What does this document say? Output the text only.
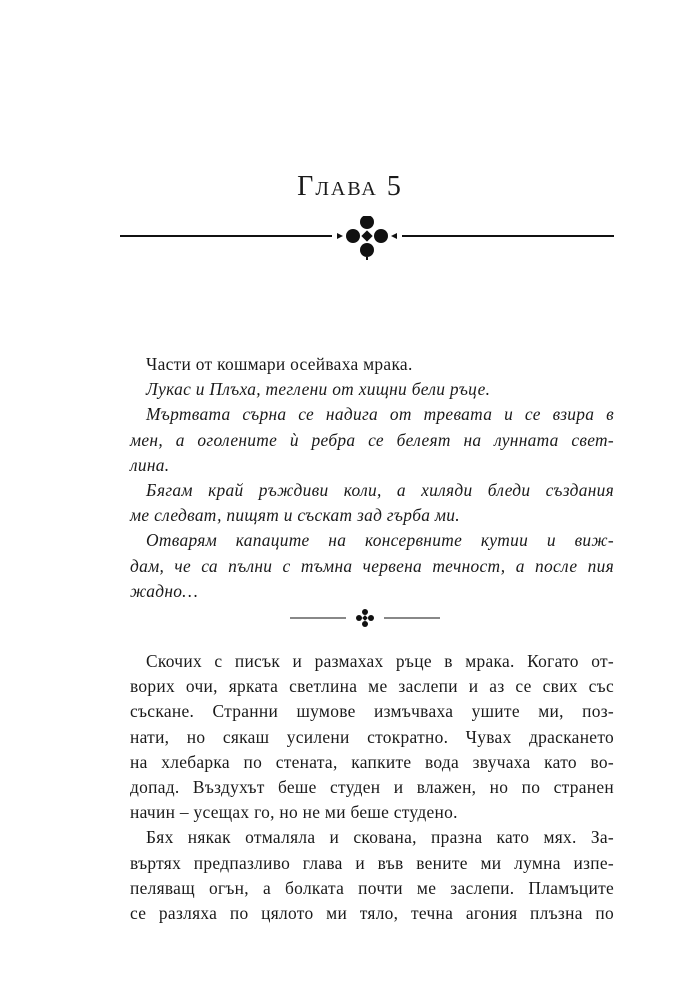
Глава 5
Части от кошмари осейваха мрака.
Лукас и Плъха, теглени от хищни бели ръце.
Мъртвата сърна се надига от тревата и се взира в
мен, а оголените ѝ ребра се белеят на лунната свет-
лина.
Бягам край ръждиви коли, а хиляди бледи създания
ме следват, пищят и съскат зад гърба ми.
Отварям капаците на консервните кутии и виж-
дам, че са пълни с тъмна червена течност, а после пия
жадно…
Скочих с писък и размахах ръце в мрака. Когато от-
ворих очи, ярката светлина ме заслепи и аз се свих със
съскане. Странни шумове измъчваха ушите ми, поз-
нати, но сякаш усилени стократно. Чувах драскането
на хлебарка по стената, капките вода звучаха като во-
допад. Въздухът беше студен и влажен, но по странен
начин – усещах го, но не ми беше студено.
Бях някак отмаляла и скована, празна като мях. За-
въртях предпазливо глава и във вените ми лумна изпе-
пеляващ огън, а болката почти ме заслепи. Пламъците
се разляха по цялото ми тяло, течна агония плъзна по
